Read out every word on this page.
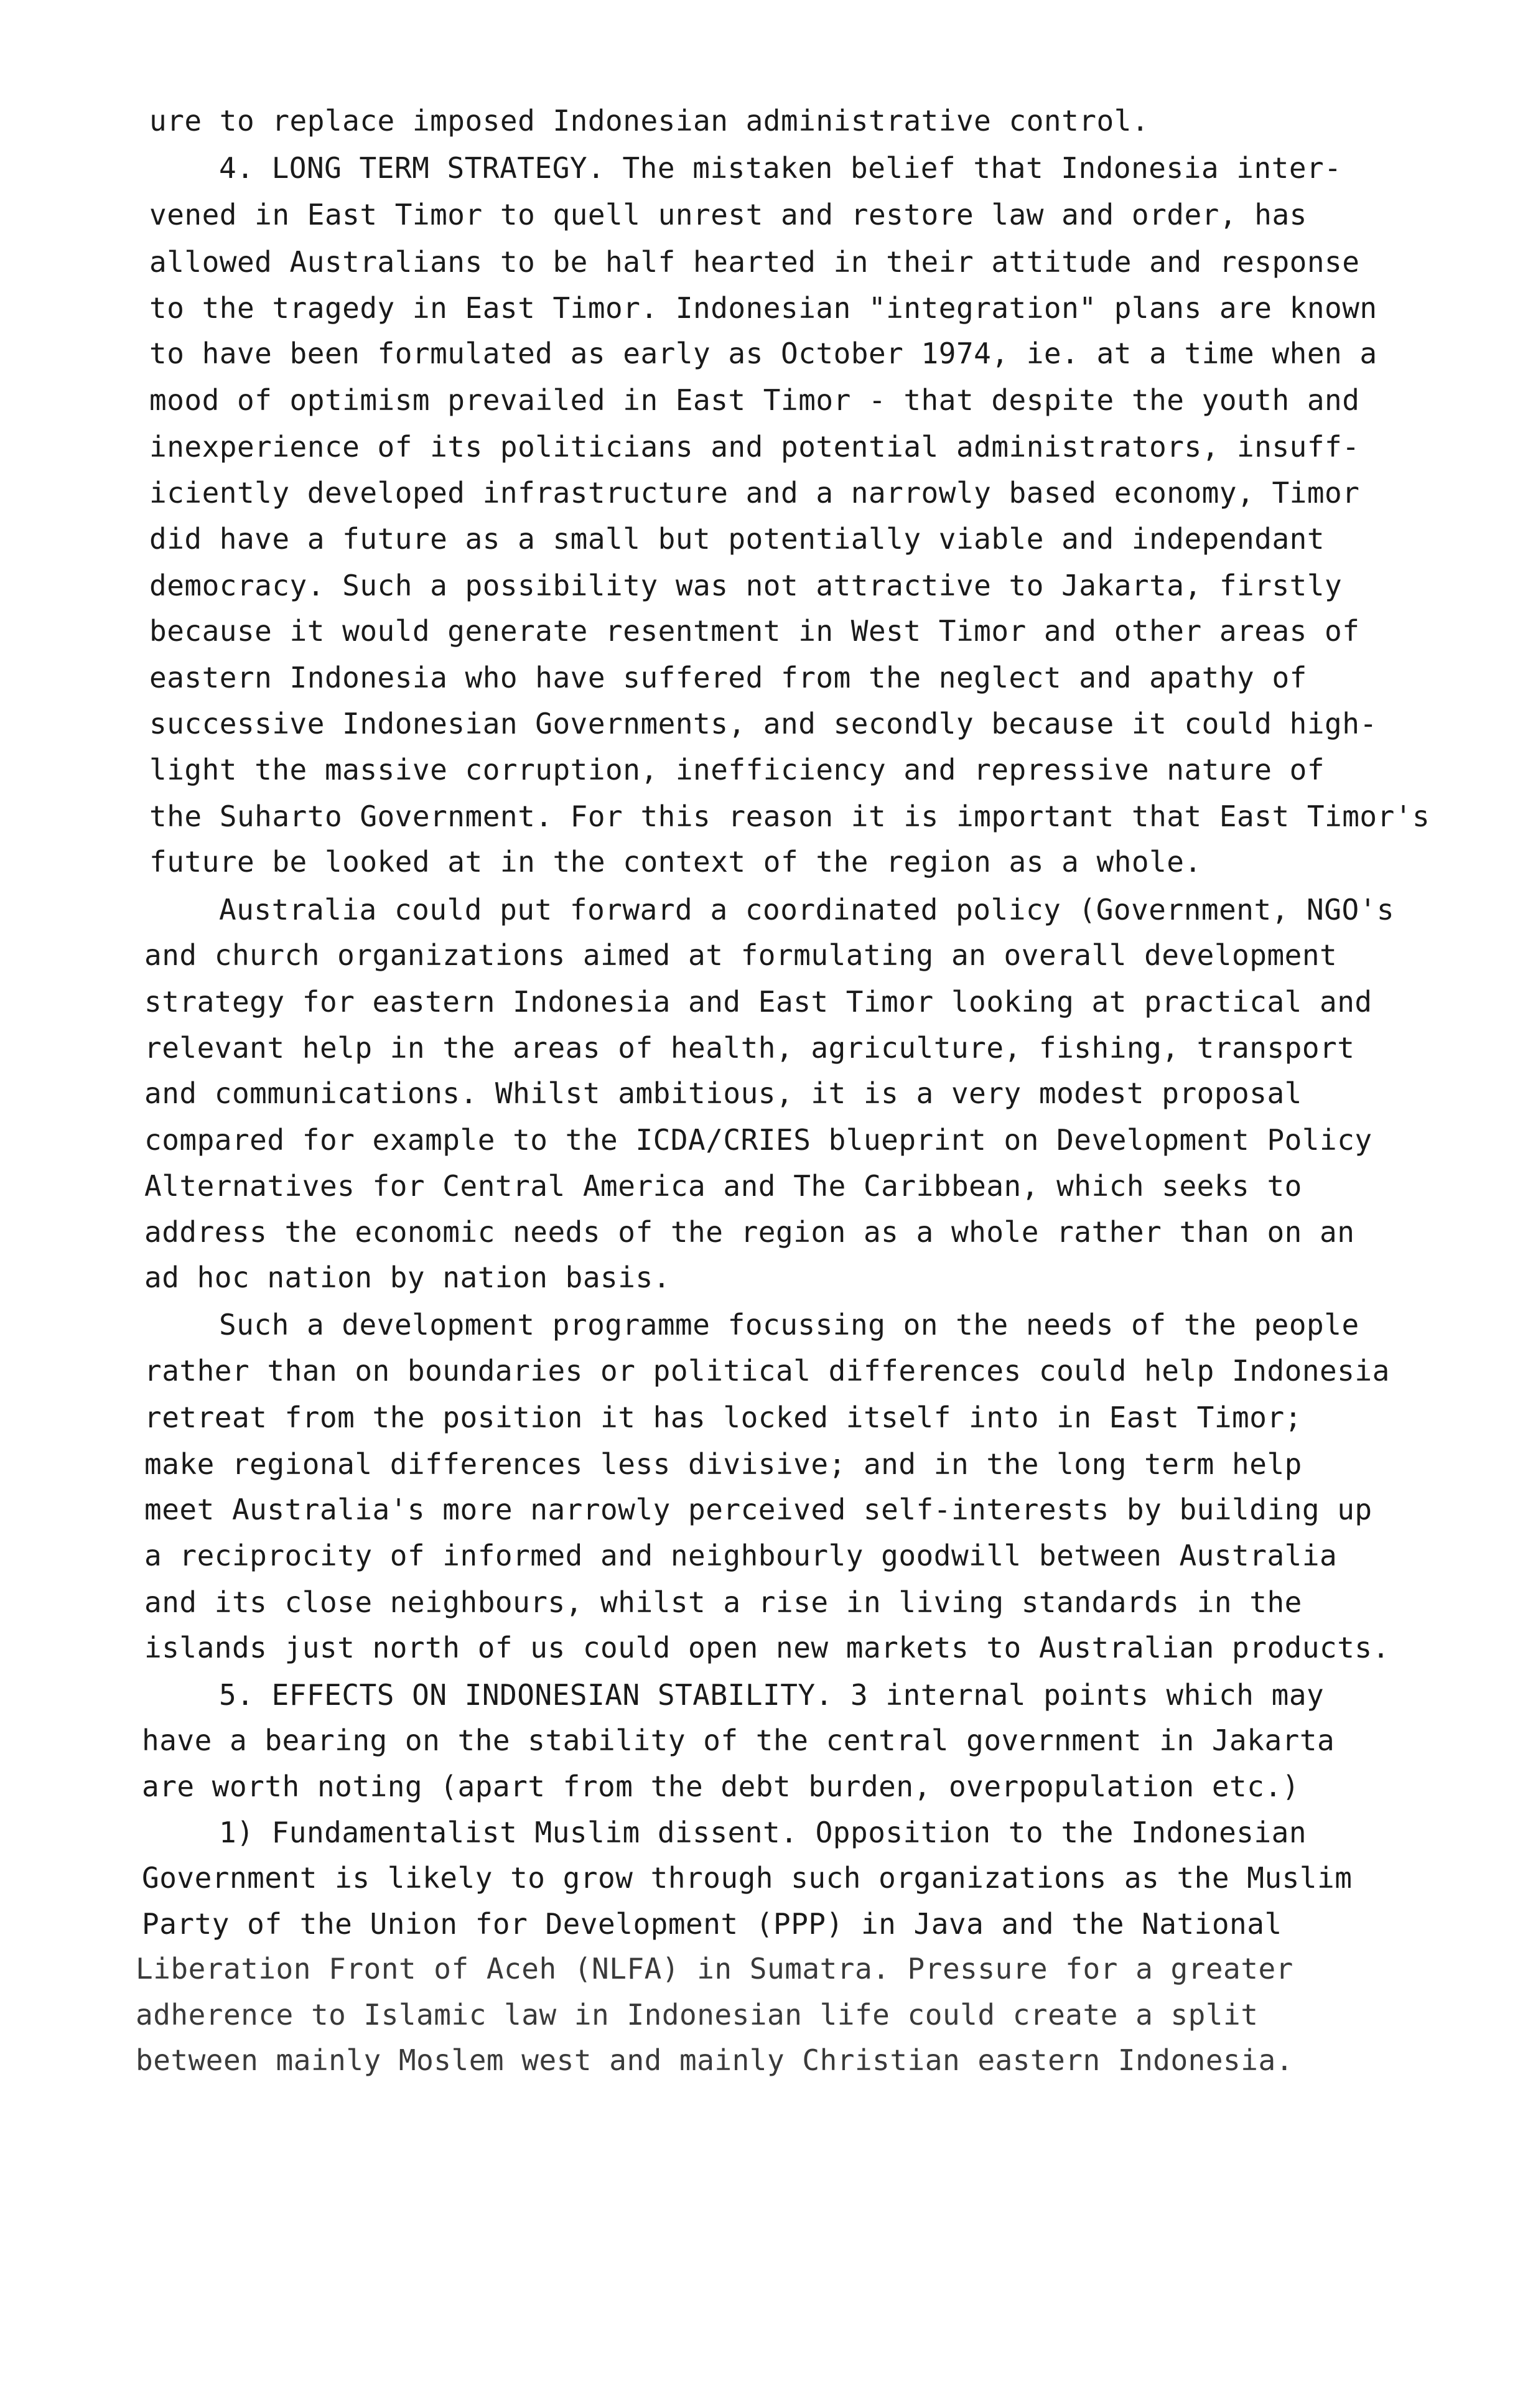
ure to replace imposed Indonesian administrative control.
4. LONG TERM STRATEGY. The mistaken belief that Indonesia inter-
vened in East Timor to quell unrest and restore law and order, has
allowed Australians to be half hearted in their attitude and response
to the tragedy in East Timor. Indonesian "integration" plans are known
to have been formulated as early as October 1974, ie. at a time when a
mood of optimism prevailed in East Timor - that despite the youth and
inexperience of its politicians and potential administrators, insuff-
iciently developed infrastructure and a narrowly based economy, Timor
did have a future as a small but potentially viable and independant
democracy. Such a possibility was not attractive to Jakarta, firstly
because it would generate resentment in West Timor and other areas of
eastern Indonesia who have suffered from the neglect and apathy of
successive Indonesian Governments, and secondly because it could high-
light the massive corruption, inefficiency and repressive nature of
the Suharto Government. For this reason it is important that East Timor's
future be looked at in the context of the region as a whole.
Australia could put forward a coordinated policy (Government, NGO's
and church organizations aimed at formulating an overall development
strategy for eastern Indonesia and East Timor looking at practical and
relevant help in the areas of health, agriculture, fishing, transport
and communications. Whilst ambitious, it is a very modest proposal
compared for example to the ICDA/CRIES blueprint on Development Policy
Alternatives for Central America and The Caribbean, which seeks to
address the economic needs of the region as a whole rather than on an
ad hoc nation by nation basis.
Such a development programme focussing on the needs of the people
rather than on boundaries or political differences could help Indonesia
retreat from the position it has locked itself into in East Timor;
make regional differences less divisive; and in the long term help
meet Australia's more narrowly perceived self-interests by building up
a reciprocity of informed and neighbourly goodwill between Australia
and its close neighbours, whilst a rise in living standards in the
islands just north of us could open new markets to Australian products.
5. EFFECTS ON INDONESIAN STABILITY. 3 internal points which may
have a bearing on the stability of the central government in Jakarta
are worth noting (apart from the debt burden, overpopulation etc.)
1) Fundamentalist Muslim dissent. Opposition to the Indonesian
Government is likely to grow through such organizations as the Muslim
Party of the Union for Development (PPP) in Java and the National
Liberation Front of Aceh (NLFA) in Sumatra. Pressure for a greater
adherence to Islamic law in Indonesian life could create a split
between mainly Moslem west and mainly Christian eastern Indonesia.
